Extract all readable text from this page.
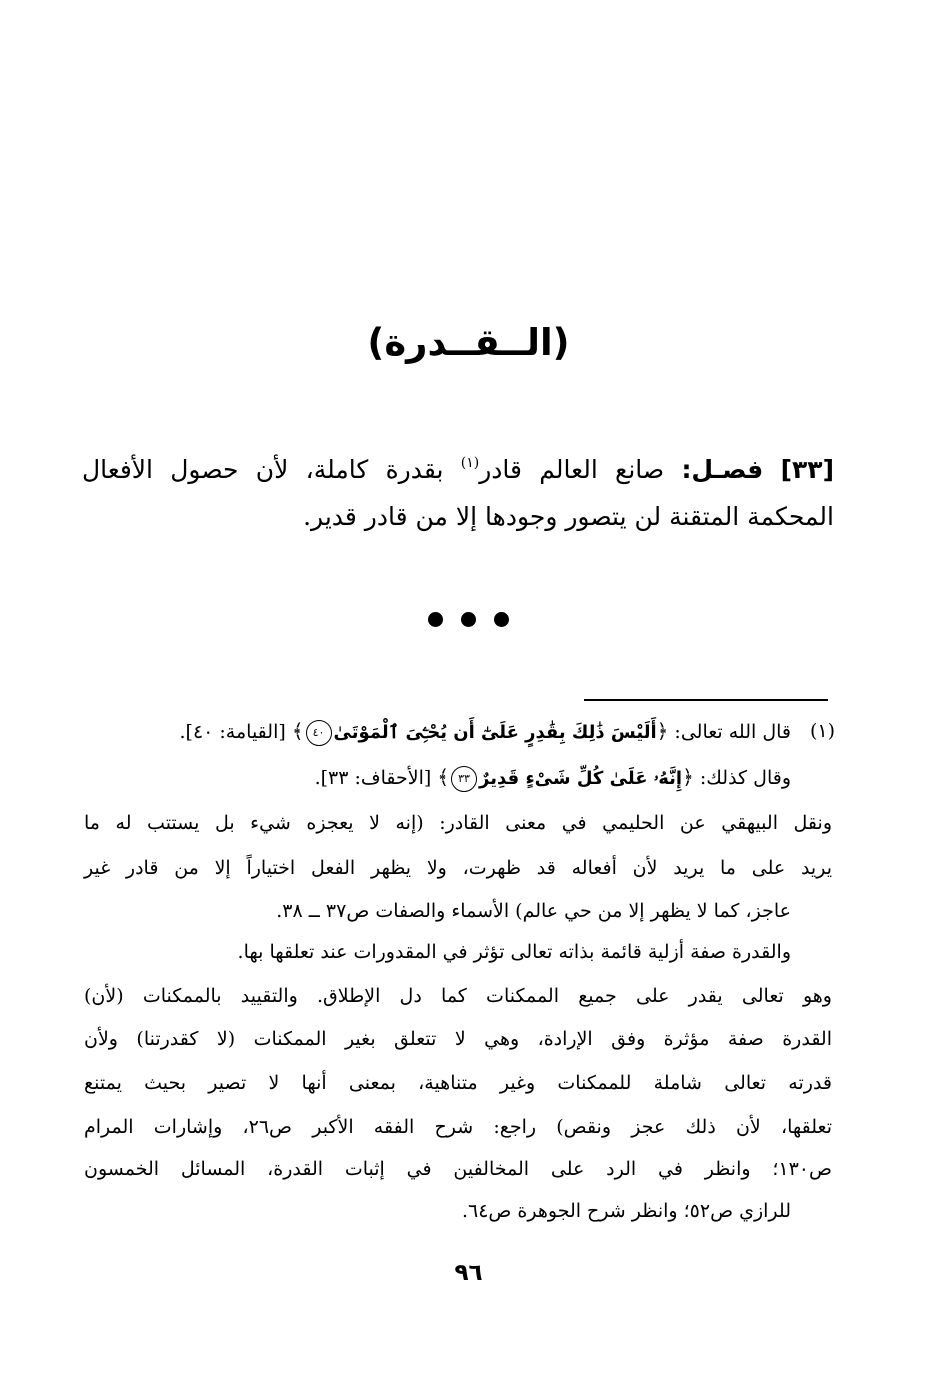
(الــقــدرة)
[٣٣] فصـل: صانع العالم قادر$^{(١)}$ بقدرة كاملة، لأن حصول الأفعال المحكمة المتقنة لن يتصور وجودها إلا من قادر قدير.
(١)
قال الله تعالى: ﴿أَلَيْسَ ذَٰلِكَ بِقَٰدِرٍ عَلَىٰٓ أَن يُحْـِۧىَ ٱلْمَوْتَىٰ٤٠﴾ [القيامة: ٤٠].
وقال كذلك: ﴿إِنَّهُۥ عَلَىٰ كُلِّ شَىْءٍ قَدِيرٌ٣٣﴾ [الأحقاف: ٣٣].
ونقل البيهقي عن الحليمي في معنى القادر: (إنه لا يعجزه شيء بل يستتب له ما
يريد على ما يريد لأن أفعاله قد ظهرت، ولا يظهر الفعل اختياراً إلا من قادر غير
عاجز، كما لا يظهر إلا من حي عالم) الأسماء والصفات ص٣٧ ــ ٣٨.
والقدرة صفة أزلية قائمة بذاته تعالى تؤثر في المقدورات عند تعلقها بها.
وهو تعالى يقدر على جميع الممكنات كما دل الإطلاق. والتقييد بالممكنات (لأن)
القدرة صفة مؤثرة وفق الإرادة، وهي لا تتعلق بغير الممكنات (لا كقدرتنا) ولأن
قدرته تعالى شاملة للممكنات وغير متناهية، بمعنى أنها لا تصير بحيث يمتنع
تعلقها، لأن ذلك عجز ونقص) راجع: شرح الفقه الأكبر ص٢٦، وإشارات المرام
ص١٣٠؛ وانظر في الرد على المخالفين في إثبات القدرة، المسائل الخمسون
للرازي ص٥٢؛ وانظر شرح الجوهرة ص٦٤.
٩٦
